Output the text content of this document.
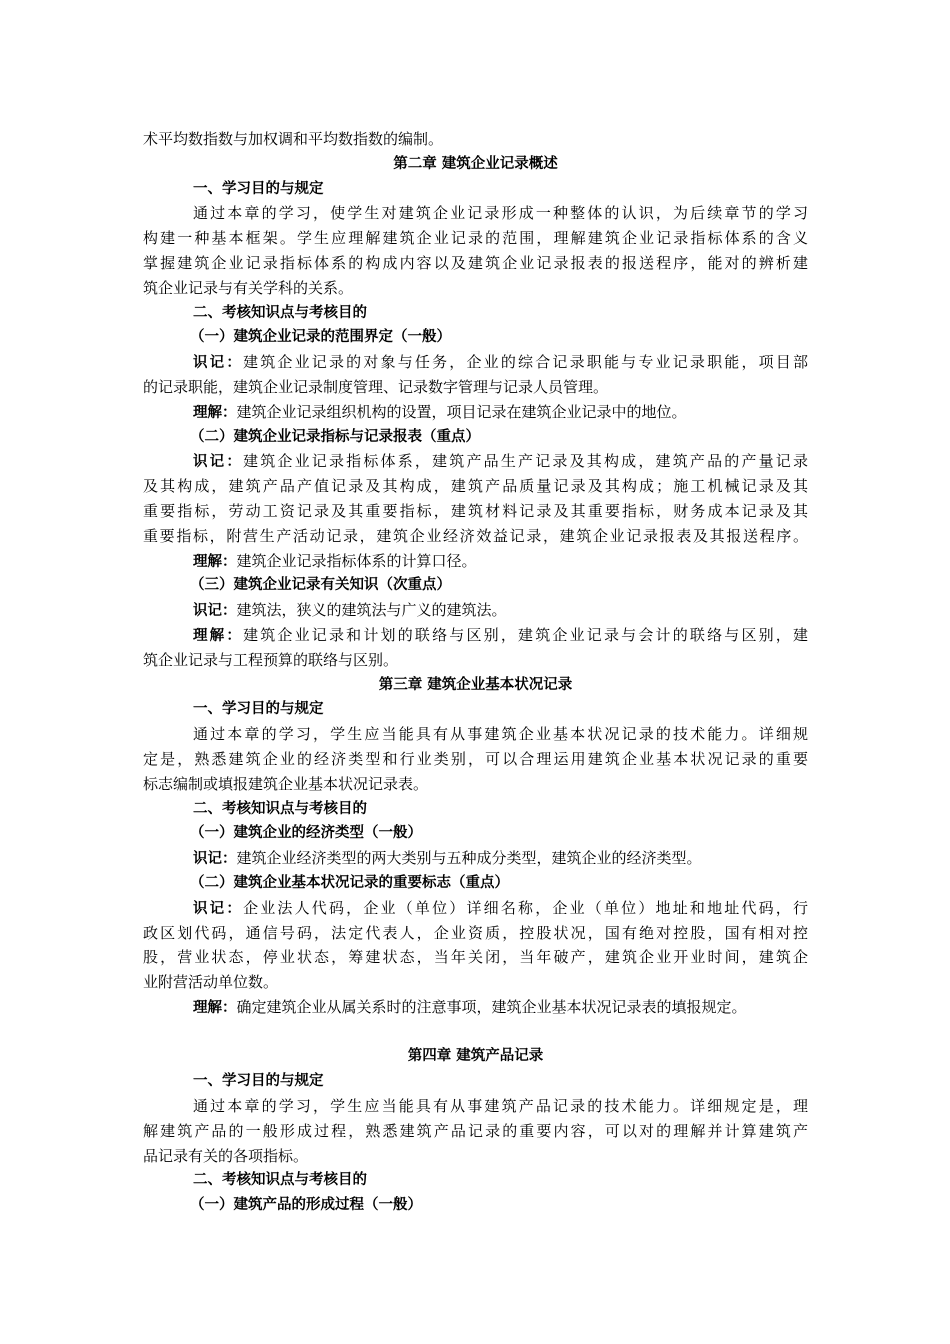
术平均数指数与加权调和平均数指数的编制。
第二章 建筑企业记录概述
一、学习目的与规定
通过本章的学习，使学生对建筑企业记录形成一种整体的认识，为后续章节的学习
构建一种基本框架。学生应理解建筑企业记录的范围，理解建筑企业记录指标体系的含义
掌握建筑企业记录指标体系的构成内容以及建筑企业记录报表的报送程序，能对的辨析建
筑企业记录与有关学科的关系。
二、考核知识点与考核目的
（一）建筑企业记录的范围界定（一般）
识记：建筑企业记录的对象与任务，企业的综合记录职能与专业记录职能，项目部
的记录职能，建筑企业记录制度管理、记录数字管理与记录人员管理。
理解：建筑企业记录组织机构的设置，项目记录在建筑企业记录中的地位。
（二）建筑企业记录指标与记录报表（重点）
识记：建筑企业记录指标体系，建筑产品生产记录及其构成，建筑产品的产量记录
及其构成，建筑产品产值记录及其构成，建筑产品质量记录及其构成；施工机械记录及其
重要指标，劳动工资记录及其重要指标，建筑材料记录及其重要指标，财务成本记录及其
重要指标，附营生产活动记录，建筑企业经济效益记录，建筑企业记录报表及其报送程序。
理解：建筑企业记录指标体系的计算口径。
（三）建筑企业记录有关知识（次重点）
识记：建筑法，狭义的建筑法与广义的建筑法。
理解：建筑企业记录和计划的联络与区别，建筑企业记录与会计的联络与区别，建
筑企业记录与工程预算的联络与区别。
第三章 建筑企业基本状况记录
一、学习目的与规定
通过本章的学习，学生应当能具有从事建筑企业基本状况记录的技术能力。详细规
定是，熟悉建筑企业的经济类型和行业类别，可以合理运用建筑企业基本状况记录的重要
标志编制或填报建筑企业基本状况记录表。
二、考核知识点与考核目的
（一）建筑企业的经济类型（一般）
识记：建筑企业经济类型的两大类别与五种成分类型，建筑企业的经济类型。
（二）建筑企业基本状况记录的重要标志（重点）
识记：企业法人代码，企业（单位）详细名称，企业（单位）地址和地址代码，行
政区划代码，通信号码，法定代表人，企业资质，控股状况，国有绝对控股，国有相对控
股，营业状态，停业状态，筹建状态，当年关闭，当年破产，建筑企业开业时间，建筑企
业附营活动单位数。
理解：确定建筑企业从属关系时的注意事项，建筑企业基本状况记录表的填报规定。
第四章 建筑产品记录
一、学习目的与规定
通过本章的学习，学生应当能具有从事建筑产品记录的技术能力。详细规定是，理
解建筑产品的一般形成过程，熟悉建筑产品记录的重要内容，可以对的理解并计算建筑产
品记录有关的各项指标。
二、考核知识点与考核目的
（一）建筑产品的形成过程（一般）
